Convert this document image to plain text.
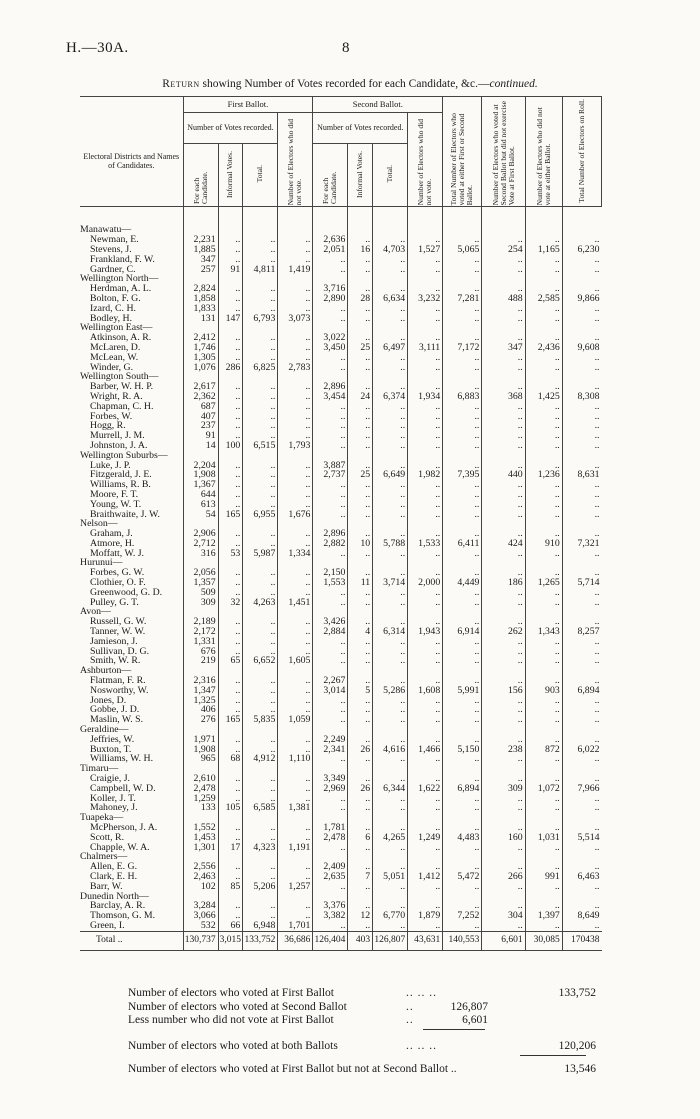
H.—30A.	8
Return showing Number of Votes recorded for each Candidate, &c.—continued.
Electoral Districts and Names of Candidates.	First Ballot.				Second Ballot.				Total Number of Electors who voted at either First or Second Ballot.	Number of Electors who voted at Second Ballot but did not exercise Vote at First Ballot.	Number of Electors who did not vote at either Ballot.	Total Number of Electors on Roll.
	Number of Votes recorded.			Number of Electors who did not vote.	Number of Votes recorded.			Number of Electors who did not vote.				
	For each Candidate.	Informal Votes.	Total.		For each Candidate.	Informal Votes.	Total.					

Manawatu—												
Newman, E.	2,231	..	..	..	2,636	..	..	..	..	..	..	..
Stevens, J.	1,885	..	..	..	2,051	16	4,703	1,527	5,065	254	1,165	6,230
Frankland, F. W.	347	..	..	..	..	..	..	..	..	..	..	..
Gardner, C.	257	91	4,811	1,419	..	..	..	..	..	..	..	..
Wellington North—												
Herdman, A. L.	2,824	..	..	..	3,716	..	..	..	..	..	..	..
Bolton, F. G.	1,858	..	..	..	2,890	28	6,634	3,232	7,281	488	2,585	9,866
Izard, C. H.	1,833	..	..	..	..	..	..	..	..	..	..	..
Bodley, H.	131	147	6,793	3,073	..	..	..	..	..	..	..	..
Wellington East—												
Atkinson, A. R.	2,412	..	..	..	3,022	..	..	..	..	..	..	..
McLaren, D.	1,746	..	..	..	3,450	25	6,497	3,111	7,172	347	2,436	9,608
McLean, W.	1,305	..	..	..	..	..	..	..	..	..	..	..
Winder, G.	1,076	286	6,825	2,783	..	..	..	..	..	..	..	..
Wellington South—												
Barber, W. H. P.	2,617	..	..	..	2,896	..	..	..	..	..	..	..
Wright, R. A.	2,362	..	..	..	3,454	24	6,374	1,934	6,883	368	1,425	8,308
Chapman, C. H.	687	..	..	..	..	..	..	..	..	..	..	..
Forbes, W.	407	..	..	..	..	..	..	..	..	..	..	..
Hogg, R.	237	..	..	..	..	..	..	..	..	..	..	..
Murrell, J. M.	91	..	..	..	..	..	..	..	..	..	..	..
Johnston, J. A.	14	100	6,515	1,793	..	..	..	..	..	..	..	..
Wellington Suburbs—												
Luke, J. P.	2,204	..	..	..	3,887	..	..	..	..	..	..	..
Fitzgerald, J. E.	1,908	..	..	..	2,737	25	6,649	1,982	7,395	440	1,236	8,631
Williams, R. B.	1,367	..	..	..	..	..	..	..	..	..	..	..
Moore, F. T.	644	..	..	..	..	..	..	..	..	..	..	..
Young, W. T.	613	..	..	..	..	..	..	..	..	..	..	..
Braithwaite, J. W.	54	165	6,955	1,676	..	..	..	..	..	..	..	..
Nelson—												
Graham, J.	2,906	..	..	..	2,896	..	..	..	..	..	..	..
Atmore, H.	2,712	..	..	..	2,882	10	5,788	1,533	6,411	424	910	7,321
Moffatt, W. J.	316	53	5,987	1,334	..	..	..	..	..	..	..	..
Hurunui—												
Forbes, G. W.	2,056	..	..	..	2,150	..	..	..	..	..	..	..
Clothier, O. F.	1,357	..	..	..	1,553	11	3,714	2,000	4,449	186	1,265	5,714
Greenwood, G. D.	509	..	..	..	..	..	..	..	..	..	..	..
Pulley, G. T.	309	32	4,263	1,451	..	..	..	..	..	..	..	..
Avon—												
Russell, G. W.	2,189	..	..	..	3,426	..	..	..	..	..	..	..
Tanner, W. W.	2,172	..	..	..	2,884	4	6,314	1,943	6,914	262	1,343	8,257
Jamieson, J.	1,331	..	..	..	..	..	..	..	..	..	..	..
Sullivan, D. G.	676	..	..	..	..	..	..	..	..	..	..	..
Smith, W. R.	219	65	6,652	1,605	..	..	..	..	..	..	..	..
Ashburton—												
Flatman, F. R.	2,316	..	..	..	2,267	..	..	..	..	..	..	..
Nosworthy, W.	1,347	..	..	..	3,014	5	5,286	1,608	5,991	156	903	6,894
Jones, D.	1,325	..	..	..	..	..	..	..	..	..	..	..
Gobbe, J. D.	406	..	..	..	..	..	..	..	..	..	..	..
Maslin, W. S.	276	165	5,835	1,059	..	..	..	..	..	..	..	..
Geraldine—												
Jeffries, W.	1,971	..	..	..	2,249	..	..	..	..	..	..	..
Buxton, T.	1,908	..	..	..	2,341	26	4,616	1,466	5,150	238	872	6,022
Williams, W. H.	965	68	4,912	1,110	..	..	..	..	..	..	..	..
Timaru—												
Craigie, J.	2,610	..	..	..	3,349	..	..	..	..	..	..	..
Campbell, W. D.	2,478	..	..	..	2,969	26	6,344	1,622	6,894	309	1,072	7,966
Koller, J. T.	1,259	..	..	..	..	..	..	..	..	..	..	..
Mahoney, J.	133	105	6,585	1,381	..	..	..	..	..	..	..	..
Tuapeka—												
McPherson, J. A.	1,552	..	..	..	1,781	..	..	..	..	..	..	..
Scott, R.	1,453	..	..	..	2,478	6	4,265	1,249	4,483	160	1,031	5,514
Chapple, W. A.	1,301	17	4,323	1,191	..	..	..	..	..	..	..	..
Chalmers—												
Allen, E. G.	2,556	..	..	..	2,409	..	..	..	..	..	..	..
Clark, E. H.	2,463	..	..	..	2,635	7	5,051	1,412	5,472	266	991	6,463
Barr, W.	102	85	5,206	1,257	..	..	..	..	..	..	..	..
Dunedin North—												
Barclay, A. R.	3,284	..	..	..	3,376	..	..	..	..	..	..	..
Thomson, G. M.	3,066	..	..	..	3,382	12	6,770	1,879	7,252	304	1,397	8,649
Green, I.	532	66	6,948	1,701	..	..	..	..	..	..	..	..
Total ..	130,737	3,015	133,752	36,686	126,404	403	126,807	43,631	140,553	6,601	30,085	170438
Number of electors who voted at First Ballot	.. .. ..	133,752
Number of electors who voted at Second Ballot	..	126,807
Less number who did not vote at First Ballot	..	6,601
Number of electors who voted at both Ballots	.. .. ..	120,206
Number of electors who voted at First Ballot but not at Second Ballot ..	13,546
